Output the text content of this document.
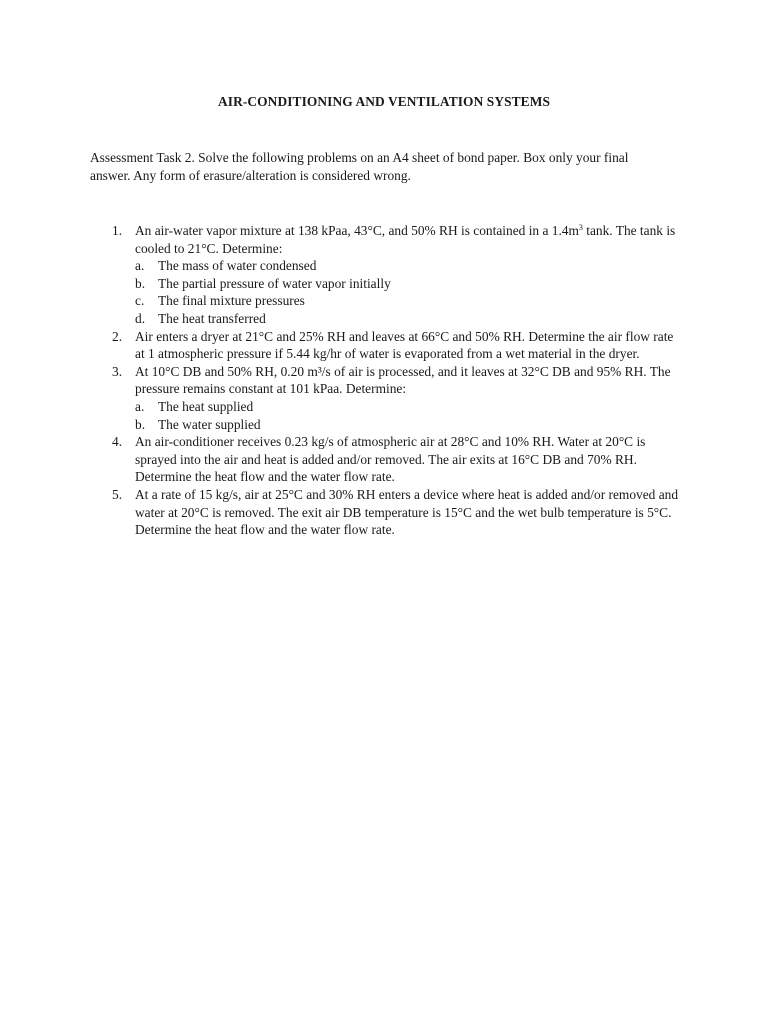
AIR-CONDITIONING AND VENTILATION SYSTEMS
Assessment Task 2. Solve the following problems on an A4 sheet of bond paper. Box only your final answer. Any form of erasure/alteration is considered wrong.
1. An air-water vapor mixture at 138 kPaa, 43°C, and 50% RH is contained in a $1.4m^3$ tank. The tank is cooled to 21°C. Determine:
a. The mass of water condensed
b. The partial pressure of water vapor initially
c. The final mixture pressures
d. The heat transferred
2. Air enters a dryer at 21°C and 25% RH and leaves at 66°C and 50% RH. Determine the air flow rate at 1 atmospheric pressure if 5.44 kg/hr of water is evaporated from a wet material in the dryer.
3. At 10°C DB and 50% RH, 0.20 m³/s of air is processed, and it leaves at 32°C DB and 95% RH. The pressure remains constant at 101 kPaa. Determine:
a. The heat supplied
b. The water supplied
4. An air-conditioner receives 0.23 kg/s of atmospheric air at 28°C and 10% RH. Water at 20°C is sprayed into the air and heat is added and/or removed. The air exits at 16°C DB and 70% RH. Determine the heat flow and the water flow rate.
5. At a rate of 15 kg/s, air at 25°C and 30% RH enters a device where heat is added and/or removed and water at 20°C is removed. The exit air DB temperature is 15°C and the wet bulb temperature is 5°C. Determine the heat flow and the water flow rate.
